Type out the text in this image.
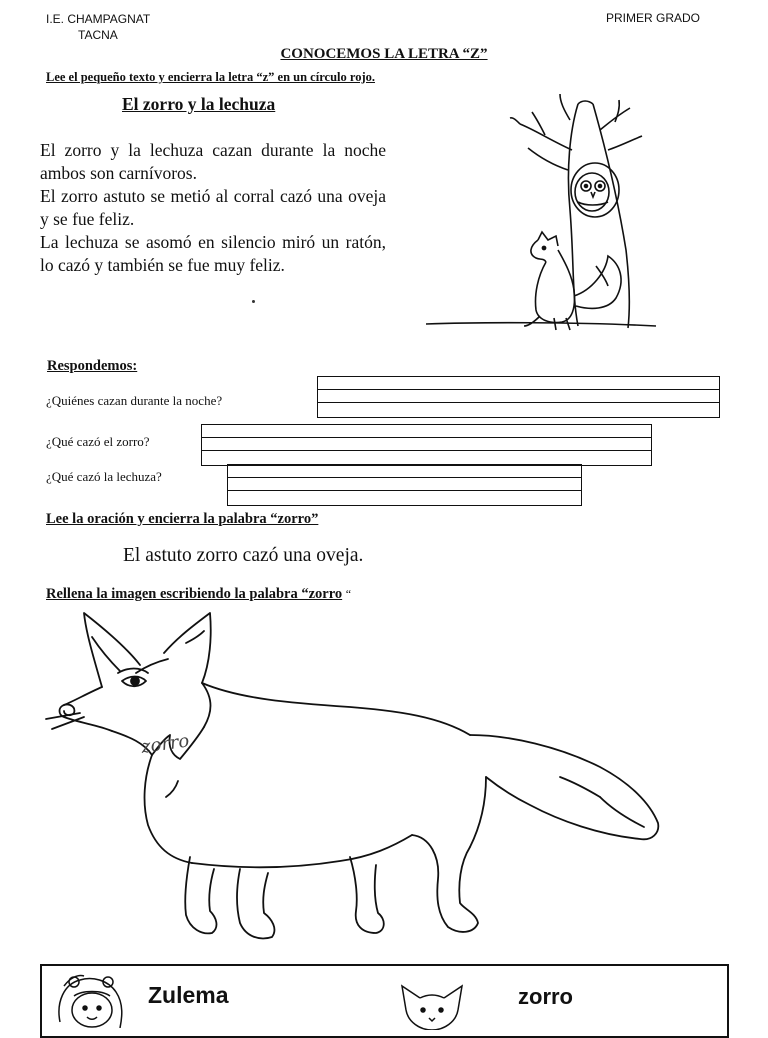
I.E. CHAMPAGNAT
TACNA
PRIMER GRADO
CONOCEMOS LA LETRA “Z”
Lee el pequeño texto y encierra la letra “z” en un círculo rojo.
El zorro y la lechuza

El zorro y la lechuza cazan durante la noche ambos son carnívoros.

El zorro astuto se metió al corral cazó una oveja y se fue feliz.

La lechuza se asomó en silencio miró un ratón, lo cazó y también se fue muy feliz.

Respondemos:
¿Quiénes cazan durante la noche?
¿Qué cazó el zorro?
¿Qué cazó la lechuza?
Lee la oración y encierra la palabra “zorro”
El astuto zorro cazó una oveja.
Rellena la imagen escribiendo la palabra “zorro “
zorro
Zulema	zorro
